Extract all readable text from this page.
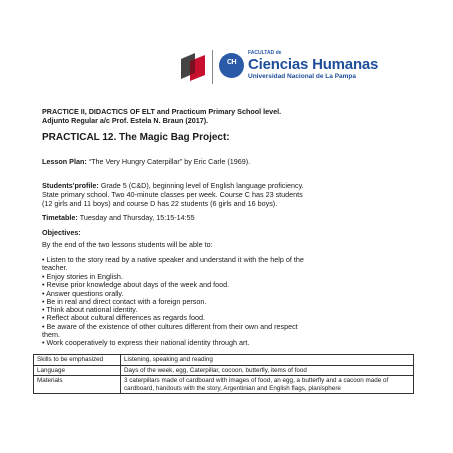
CH
FACULTAD de
Ciencias Humanas
Universidad Nacional de La Pampa
PRACTICE II, DIDACTICS OF ELT and Practicum Primary School level.
Adjunto Regular a/c Prof. Estela N. Braun (2017).
PRACTICAL 12. The Magic Bag Project:
Lesson Plan: “The Very Hungry Caterpillar” by Eric Carle (1969).
Students'profile: Grade 5 (C&D), beginning level of English language proficiency.
State primary school. Two 40-minute classes per week. Course C has 23 students
(12 girls and 11 boys) and course D has 22 students (6 girls and 16 boys).
Timetable: Tuesday and Thursday, 15:15-14:55
Objectives:
By the end of the two lessons students will be able to:
• Listen to the story read by a native speaker and understand it with the help of the
teacher.
• Enjoy stories in English.
• Revise prior knowledge about days of the week and food.
• Answer questions orally.
• Be in real and direct contact with a foreign person.
• Think about national identity.
• Reflect about cultural differences as regards food.
• Be aware of the existence of other cultures different from their own and respect
them.
• Work cooperatively to express their national identity through art.
Skills to be emphasized	Listening, speaking and reading
Language	Days of the week, egg, Caterpillar, cocoon, butterfly, items of food
Materials	3 caterpillars made of cardboard with images of food, an egg, a butterfly and a cacoon made of cardboard, handouts with the story, Argentinian and English flags, planisphere
